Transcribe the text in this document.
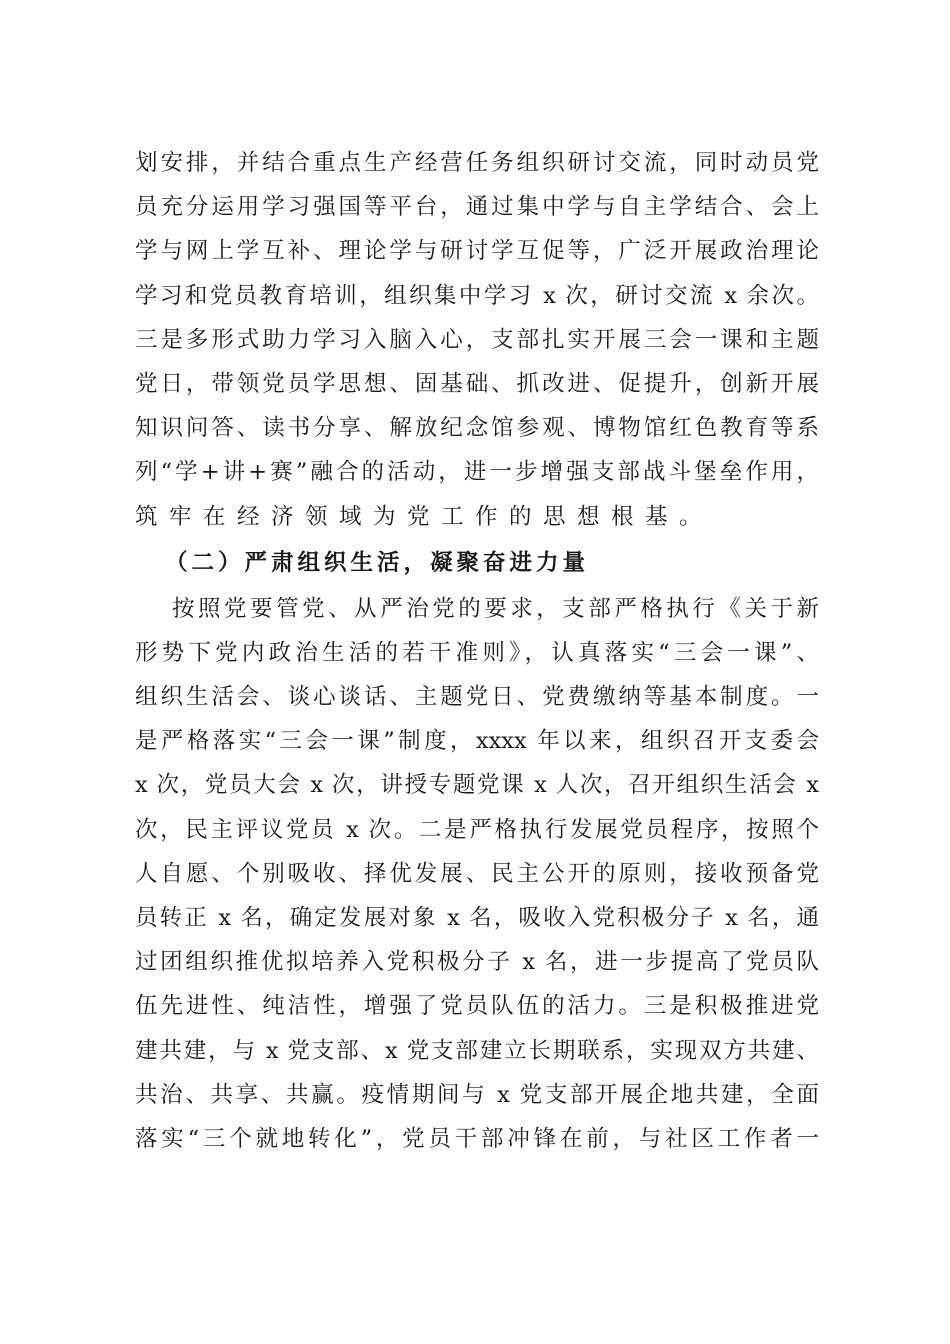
划安排，并结合重点生产经营任务组织研讨交流，同时动员党
员充分运用学习强国等平台，通过集中学与自主学结合、会上
学与网上学互补、理论学与研讨学互促等，广泛开展政治理论
学习和党员教育培训，组织集中学习 x 次，研讨交流 x 余次。
三是多形式助力学习入脑入心，支部扎实开展三会一课和主题
党日，带领党员学思想、固基础、抓改进、促提升，创新开展
知识问答、读书分享、解放纪念馆参观、博物馆红色教育等系
列“学+讲+赛”融合的活动，进一步增强支部战斗堡垒作用，
筑牢在经济领域为党工作的思想根基。
（二）严肃组织生活，凝聚奋进力量
按照党要管党、从严治党的要求，支部严格执行《关于新
形势下党内政治生活的若干准则》，认真落实“三会一课”、
组织生活会、谈心谈话、主题党日、党费缴纳等基本制度。一
是严格落实“三会一课”制度，xxxx 年以来，组织召开支委会
x 次，党员大会 x 次，讲授专题党课 x 人次，召开组织生活会 x
次，民主评议党员 x 次。二是严格执行发展党员程序，按照个
人自愿、个别吸收、择优发展、民主公开的原则，接收预备党
员转正 x 名，确定发展对象 x 名，吸收入党积极分子 x 名，通
过团组织推优拟培养入党积极分子 x 名，进一步提高了党员队
伍先进性、纯洁性，增强了党员队伍的活力。三是积极推进党
建共建，与 x 党支部、x 党支部建立长期联系，实现双方共建、
共治、共享、共赢。疫情期间与 x 党支部开展企地共建，全面
落实“三个就地转化”，党员干部冲锋在前，与社区工作者一
